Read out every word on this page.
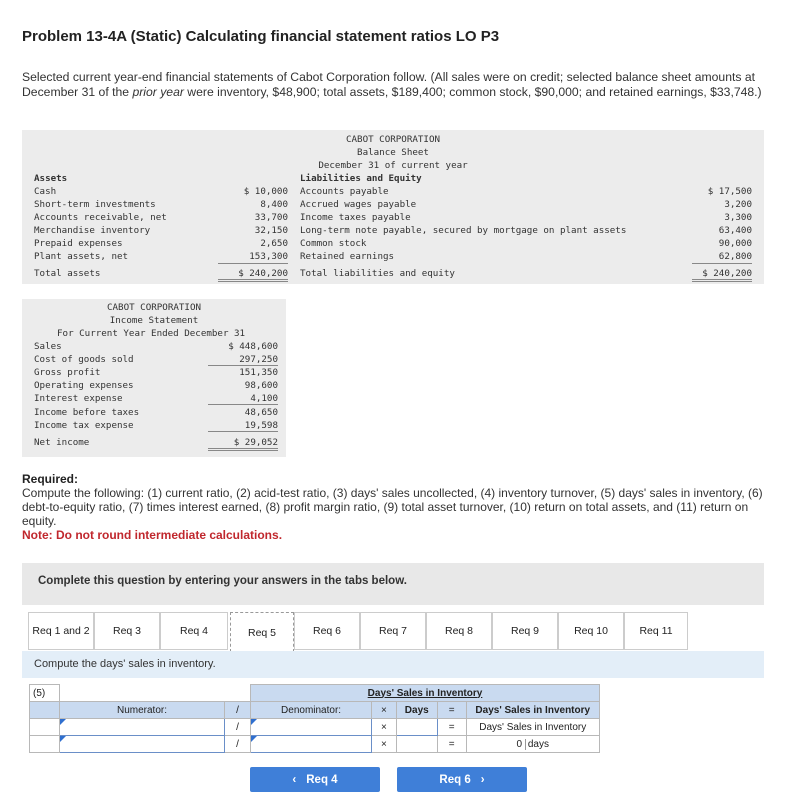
Problem 13-4A (Static) Calculating financial statement ratios LO P3
Selected current year-end financial statements of Cabot Corporation follow. (All sales were on credit; selected balance sheet amounts at December 31 of the prior year were inventory, $48,900; total assets, $189,400; common stock, $90,000; and retained earnings, $33,748.)
CABOT CORPORATION
Balance Sheet
December 31 of current year
Assets	Liabilities and Equity
Cash	$ 10,000
Short-term investments	8,400
Accounts receivable, net	33,700
Merchandise inventory	32,150
Prepaid expenses	2,650
Plant assets, net	153,300
Total assets	$ 240,200
Accounts payable	$ 17,500
Accrued wages payable	3,200
Income taxes payable	3,300
Long-term note payable, secured by mortgage on plant assets	63,400
Common stock	90,000
Retained earnings	62,800
Total liabilities and equity	$ 240,200
CABOT CORPORATION
Income Statement
For Current Year Ended December 31
Sales	$ 448,600
Cost of goods sold	297,250
Gross profit	151,350
Operating expenses	98,600
Interest expense	4,100
Income before taxes	48,650
Income tax expense	19,598
Net income	$ 29,052
Required:
Compute the following: (1) current ratio, (2) acid-test ratio, (3) days' sales uncollected, (4) inventory turnover, (5) days' sales in inventory, (6) debt-to-equity ratio, (7) times interest earned, (8) profit margin ratio, (9) total asset turnover, (10) return on total assets, and (11) return on equity.
Note: Do not round intermediate calculations.
Complete this question by entering your answers in the tabs below.
Req 1 and 2	Req 3	Req 4	Req 5	Req 6	Req 7	Req 8	Req 9	Req 10	Req 11
Compute the days' sales in inventory.
(5)			Days' Sales in Inventory				
	Numerator:	/	Denominator:	×	Days	=	Days' Sales in Inventory

	/		×		=	Days' Sales in Inventory

	/		×		=	0 days
‹ Req 4	Req 6 ›
